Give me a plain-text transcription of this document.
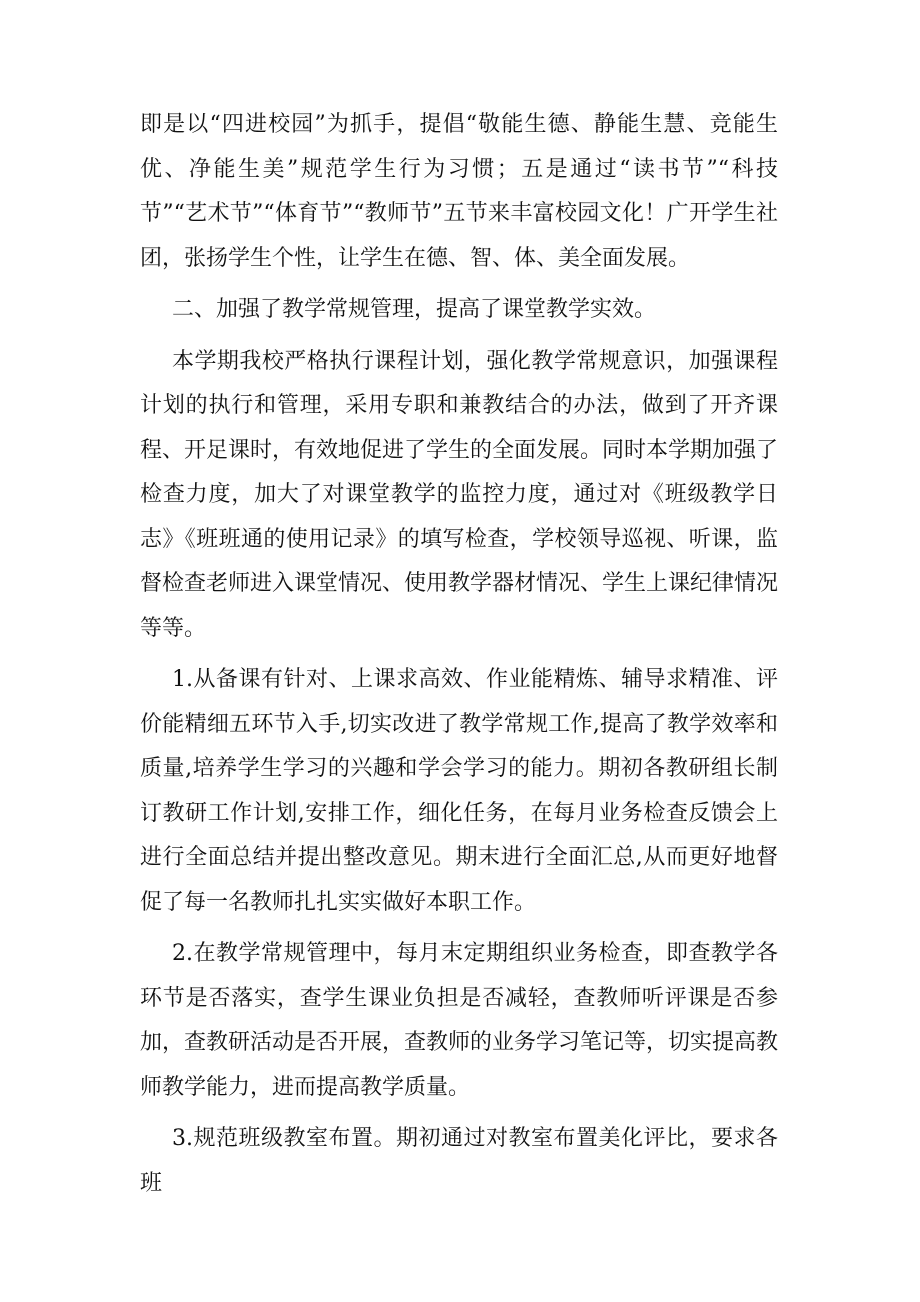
即是以“四进校园”为抓手，提倡“敬能生德、静能生慧、竞能生优、净能生美”规范学生行为习惯；五是通过“读书节”“科技节”“艺术节”“体育节”“教师节”五节来丰富校园文化！广开学生社团，张扬学生个性，让学生在德、智、体、美全面发展。

二、加强了教学常规管理，提高了课堂教学实效。

本学期我校严格执行课程计划，强化教学常规意识，加强课程计划的执行和管理，采用专职和兼教结合的办法，做到了开齐课程、开足课时，有效地促进了学生的全面发展。同时本学期加强了检查力度，加大了对课堂教学的监控力度，通过对《班级教学日志》《班班通的使用记录》的填写检查，学校领导巡视、听课，监督检查老师进入课堂情况、使用教学器材情况、学生上课纪律情况等等。

1.从备课有针对、上课求高效、作业能精炼、辅导求精准、评价能精细五环节入手,切实改进了教学常规工作,提高了教学效率和质量,培养学生学习的兴趣和学会学习的能力。期初各教研组长制订教研工作计划,安排工作，细化任务，在每月业务检查反馈会上进行全面总结并提出整改意见。期末进行全面汇总,从而更好地督促了每一名教师扎扎实实做好本职工作。

2.在教学常规管理中，每月末定期组织业务检查，即查教学各环节是否落实，查学生课业负担是否减轻，查教师听评课是否参加，查教研活动是否开展，查教师的业务学习笔记等，切实提高教师教学能力，进而提高教学质量。

3.规范班级教室布置。期初通过对教室布置美化评比，要求各班
